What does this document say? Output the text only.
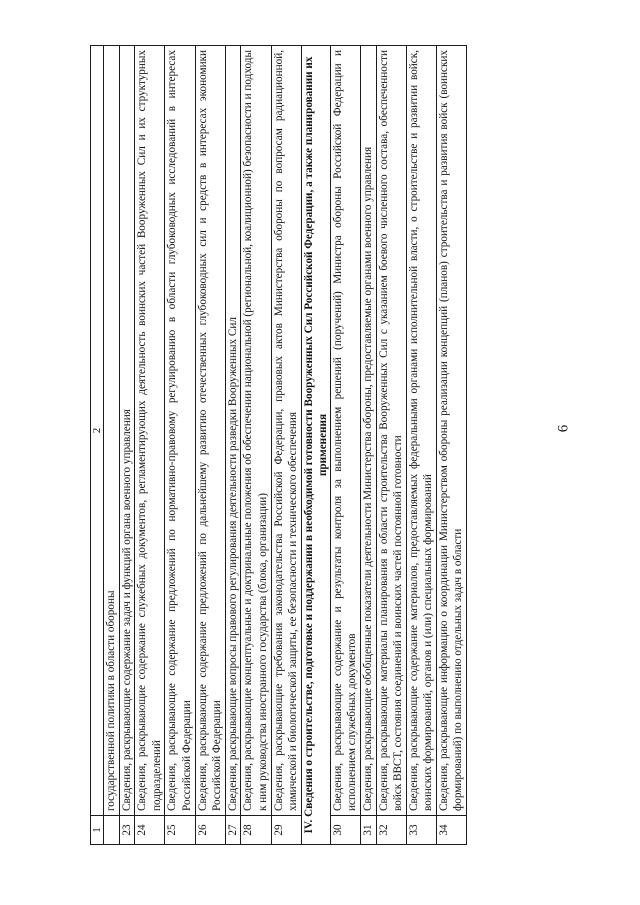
6
1	2
	государственной политики в области обороны
23	Сведения, раскрывающие содержание задач и функций органа военного управления
24	Сведения, раскрывающие содержание служебных документов, регламентирующих деятельность воинских частей Вооруженных Сил и их структурных подразделений
25	Сведения, раскрывающие содержание предложений по нормативно-правовому регулированию в области глубоководных исследований в интересах Российской Федерации
26	Сведения, раскрывающие содержание предложений по дальнейшему развитию отечественных глубоководных сил и средств в интересах экономики Российской Федерации
27	Сведения, раскрывающие вопросы правового регулирования деятельности разведки Вооруженных Сил
28	Сведения, раскрывающие концептуальные и доктринальные положения об обеспечении национальной (региональной, коалиционной) безопасности и подходы к ним руководства иностранного государства (блока, организации)
29	Сведения, раскрывающие требования законодательства Российской Федерации, правовых актов Министерства обороны по вопросам радиационной, химической и биологической защиты, ее безопасности и технического обеспечения
IV. Сведения о строительстве, подготовке и поддержании в необходимой готовности Вооруженных Сил Российской Федерации, а также планировании их применения	
30	Сведения, раскрывающие содержание и результаты контроля за выполнением решений (поручений) Министра обороны Российской Федерации и исполнением служебных документов
31	Сведения, раскрывающие обобщенные показатели деятельности Министерства обороны, предоставляемые органами военного управления
32	Сведения, раскрывающие материалы планирования в области строительства Вооруженных Сил с указанием боевого численного состава, обеспеченности войск ВВСТ, состояния соединений и воинских частей постоянной готовности
33	Сведения, раскрывающие содержание материалов, предоставляемых федеральными органами исполнительной власти, о строительстве и развитии войск, воинских формирований, органов и (или) специальных формирований
34	Сведения, раскрывающие информацию о координации Министерством обороны реализации концепций (планов) строительства и развития войск (воинских формирований) по выполнению отдельных задач в области
